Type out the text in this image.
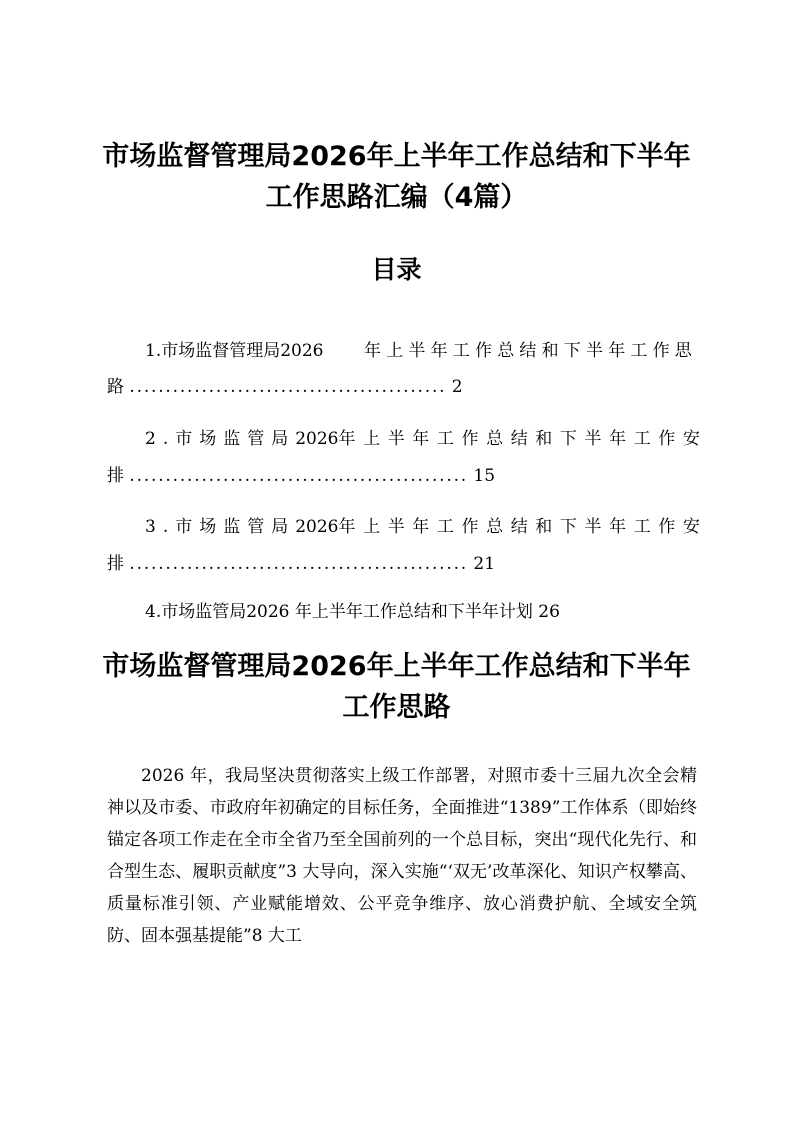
市场监督管理局2026年上半年工作总结和下半年工作思路汇编（4篇）
目录
1.市场监督管理局2026 年上半年工作总结和下半年工作思
路 ............................................ 2
2.市场监管局 2026 年上半年工作总结和下半年工作安
排 ............................................... 15
3.市场监管局 2026 年上半年工作总结和下半年工作安
排 ............................................... 21
4.市场监管局2026 年上半年工作总结和下半年计划 26
市场监督管理局2026年上半年工作总结和下半年工作思路

2026 年，我局坚决贯彻落实上级工作部署，对照市委十三届九次全会精神以及市委、市政府年初确定的目标任务，全面推进“1389”工作体系（即始终锚定各项工作走在全市全省乃至全国前列的一个总目标，突出“现代化先行、和合型生态、履职贡献度”3 大导向，深入实施“‘双无’改革深化、知识产权攀高、质量标准引领、产业赋能增效、公平竞争维序、放心消费护航、全域安全筑防、固本强基提能”8 大工
